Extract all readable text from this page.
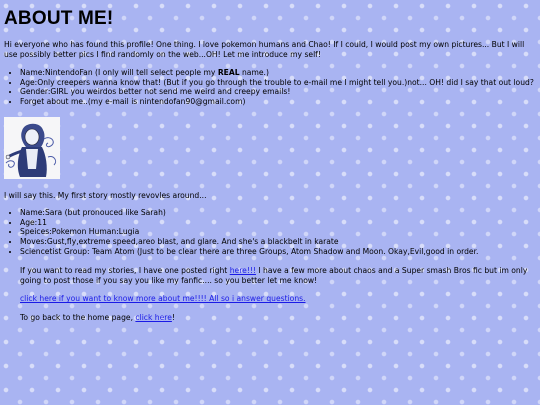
ABOUT ME!

Hi everyone who has found this profile! One thing. I love pokemon humans and Chao! If I could, I would post my own pictures... But I will use possibly better pics I find randomly on the web...OH! Let me introduce my self!

• Name:NintendoFan (I only will tell select people my REAL name.)
• Age:Only creepers wanna know that! (But if you go through the trouble to e-mail me I might tell you.)not... OH! did I say that out loud?
• Gender:GIRL you weirdos better not send me weird and creepy emails!
• Forget about me..(my e-mail is nintendofan90@gmail.com)

I will say this. My first story mostly revovles around...

• Name:Sara (but pronouced like Sarah)
• Age:11
• Speices:Pokemon Human:Lugia
• Moves:Gust,fly,extreme speed,areo blast, and glare. And she's a blackbelt in karate
• Sciencetist Group: Team Atom (Just to be clear there are three Groups, Atom Shadow and Moon. Okay,Evil,good in order.

If you want to read my stories, I have one posted right here!!! I have a few more about chaos and a Super smash Bros fic but im only going to post those if you say you like my fanfic.... so you better let me know!

click here if you want to know more about me!!!! All so i answer questions.

To go back to the home page, click here!
